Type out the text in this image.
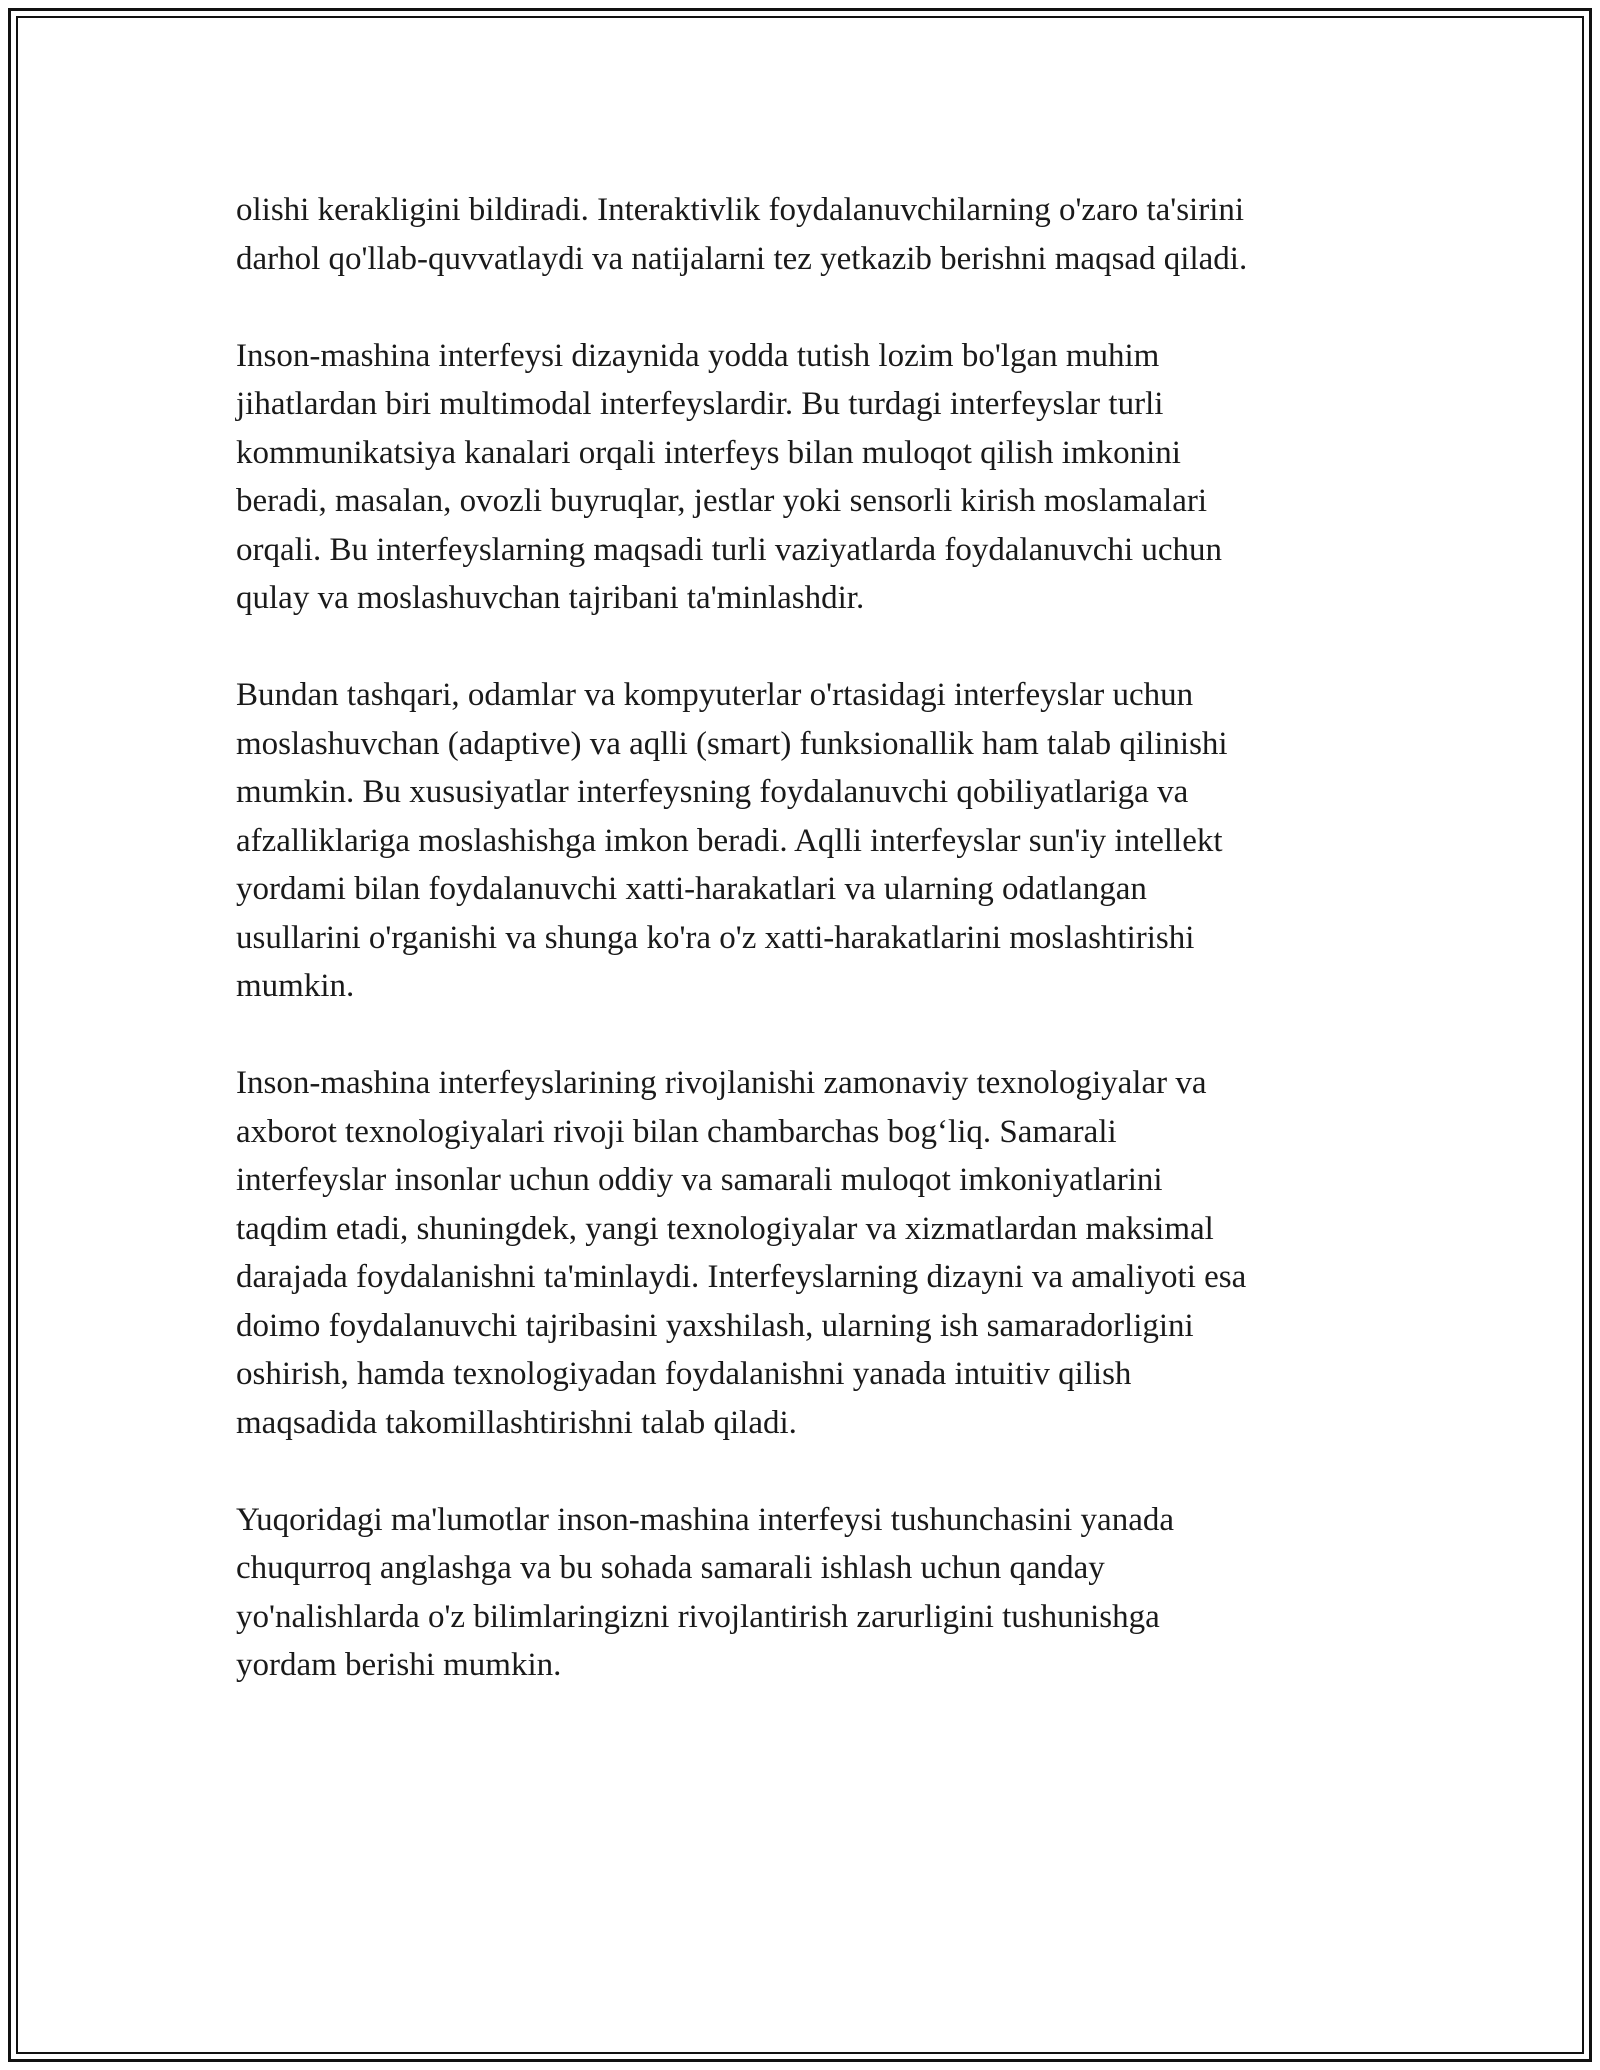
olishi kerakligini bildiradi. Interaktivlik foydalanuvchilarning o'zaro ta'sirini
darhol qo'llab-quvvatlaydi va natijalarni tez yetkazib berishni maqsad qiladi.

Inson-mashina interfeysi dizaynida yodda tutish lozim bo'lgan muhim
jihatlardan biri multimodal interfeyslardir. Bu turdagi interfeyslar turli
kommunikatsiya kanalari orqali interfeys bilan muloqot qilish imkonini
beradi, masalan, ovozli buyruqlar, jestlar yoki sensorli kirish moslamalari
orqali. Bu interfeyslarning maqsadi turli vaziyatlarda foydalanuvchi uchun
qulay va moslashuvchan tajribani ta'minlashdir.

Bundan tashqari, odamlar va kompyuterlar o'rtasidagi interfeyslar uchun
moslashuvchan (adaptive) va aqlli (smart) funksionallik ham talab qilinishi
mumkin. Bu xususiyatlar interfeysning foydalanuvchi qobiliyatlariga va
afzalliklariga moslashishga imkon beradi. Aqlli interfeyslar sun'iy intellekt
yordami bilan foydalanuvchi xatti-harakatlari va ularning odatlangan
usullarini o'rganishi va shunga ko'ra o'z xatti-harakatlarini moslashtirishi
mumkin.

Inson-mashina interfeyslarining rivojlanishi zamonaviy texnologiyalar va
axborot texnologiyalari rivoji bilan chambarchas bog‘liq. Samarali
interfeyslar insonlar uchun oddiy va samarali muloqot imkoniyatlarini
taqdim etadi, shuningdek, yangi texnologiyalar va xizmatlardan maksimal
darajada foydalanishni ta'minlaydi. Interfeyslarning dizayni va amaliyoti esa
doimo foydalanuvchi tajribasini yaxshilash, ularning ish samaradorligini
oshirish, hamda texnologiyadan foydalanishni yanada intuitiv qilish
maqsadida takomillashtirishni talab qiladi.

Yuqoridagi ma'lumotlar inson-mashina interfeysi tushunchasini yanada
chuqurroq anglashga va bu sohada samarali ishlash uchun qanday
yo'nalishlarda o'z bilimlaringizni rivojlantirish zarurligini tushunishga
yordam berishi mumkin.
